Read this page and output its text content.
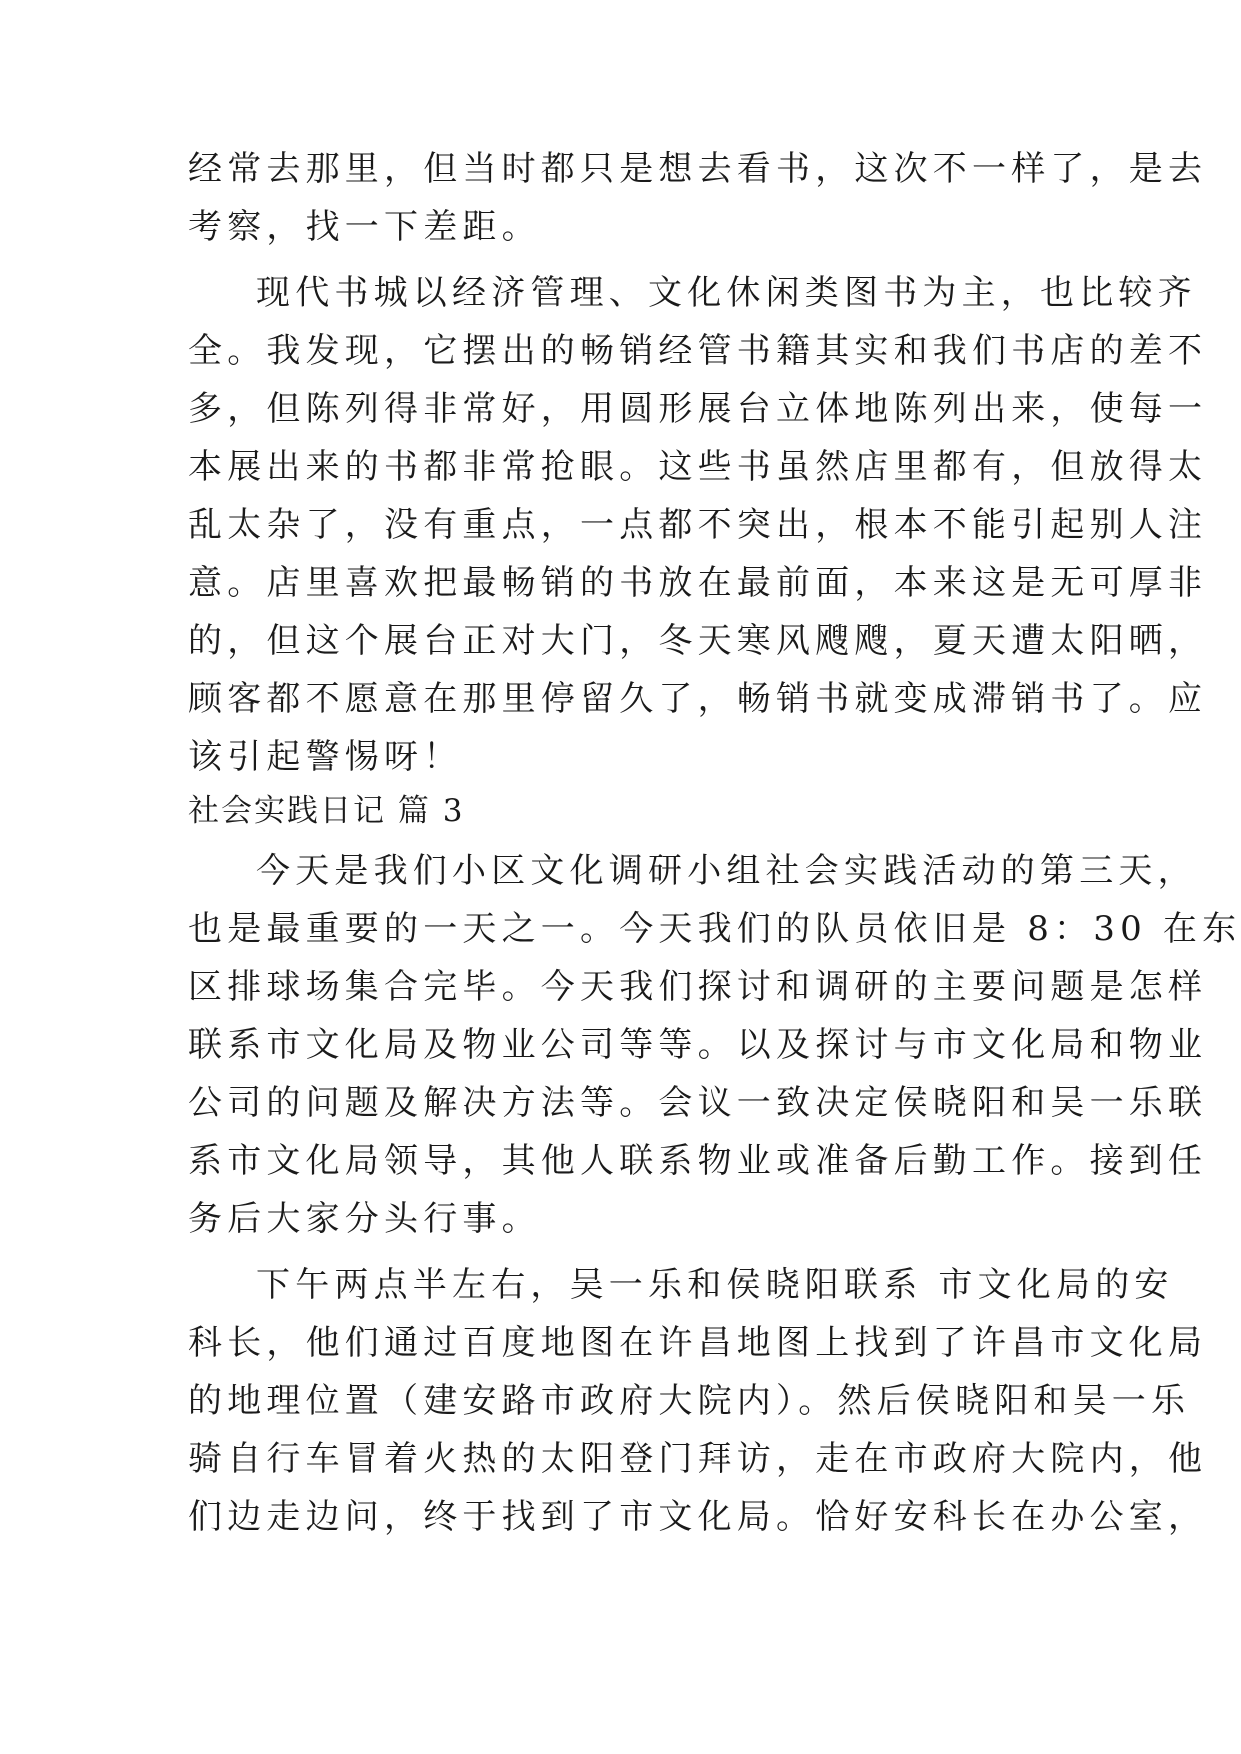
经常去那里，但当时都只是想去看书，这次不一样了，是去
考察，找一下差距。
现代书城以经济管理、文化休闲类图书为主，也比较齐
全。我发现，它摆出的畅销经管书籍其实和我们书店的差不
多，但陈列得非常好，用圆形展台立体地陈列出来，使每一
本展出来的书都非常抢眼。这些书虽然店里都有，但放得太
乱太杂了，没有重点，一点都不突出，根本不能引起别人注
意。店里喜欢把最畅销的书放在最前面，本来这是无可厚非
的，但这个展台正对大门，冬天寒风飕飕，夏天遭太阳晒，
顾客都不愿意在那里停留久了，畅销书就变成滞销书了。应
该引起警惕呀！
社会实践日记 篇 3
今天是我们小区文化调研小组社会实践活动的第三天，
也是最重要的一天之一。今天我们的队员依旧是 8：30 在东
区排球场集合完毕。今天我们探讨和调研的主要问题是怎样
联系市文化局及物业公司等等。以及探讨与市文化局和物业
公司的问题及解决方法等。会议一致决定侯晓阳和吴一乐联
系市文化局领导，其他人联系物业或准备后勤工作。接到任
务后大家分头行事。
下午两点半左右，吴一乐和侯晓阳联系 市文化局的安
科长，他们通过百度地图在许昌地图上找到了许昌市文化局
的地理位置（建安路市政府大院内）。然后侯晓阳和吴一乐
骑自行车冒着火热的太阳登门拜访，走在市政府大院内，他
们边走边问，终于找到了市文化局。恰好安科长在办公室，
